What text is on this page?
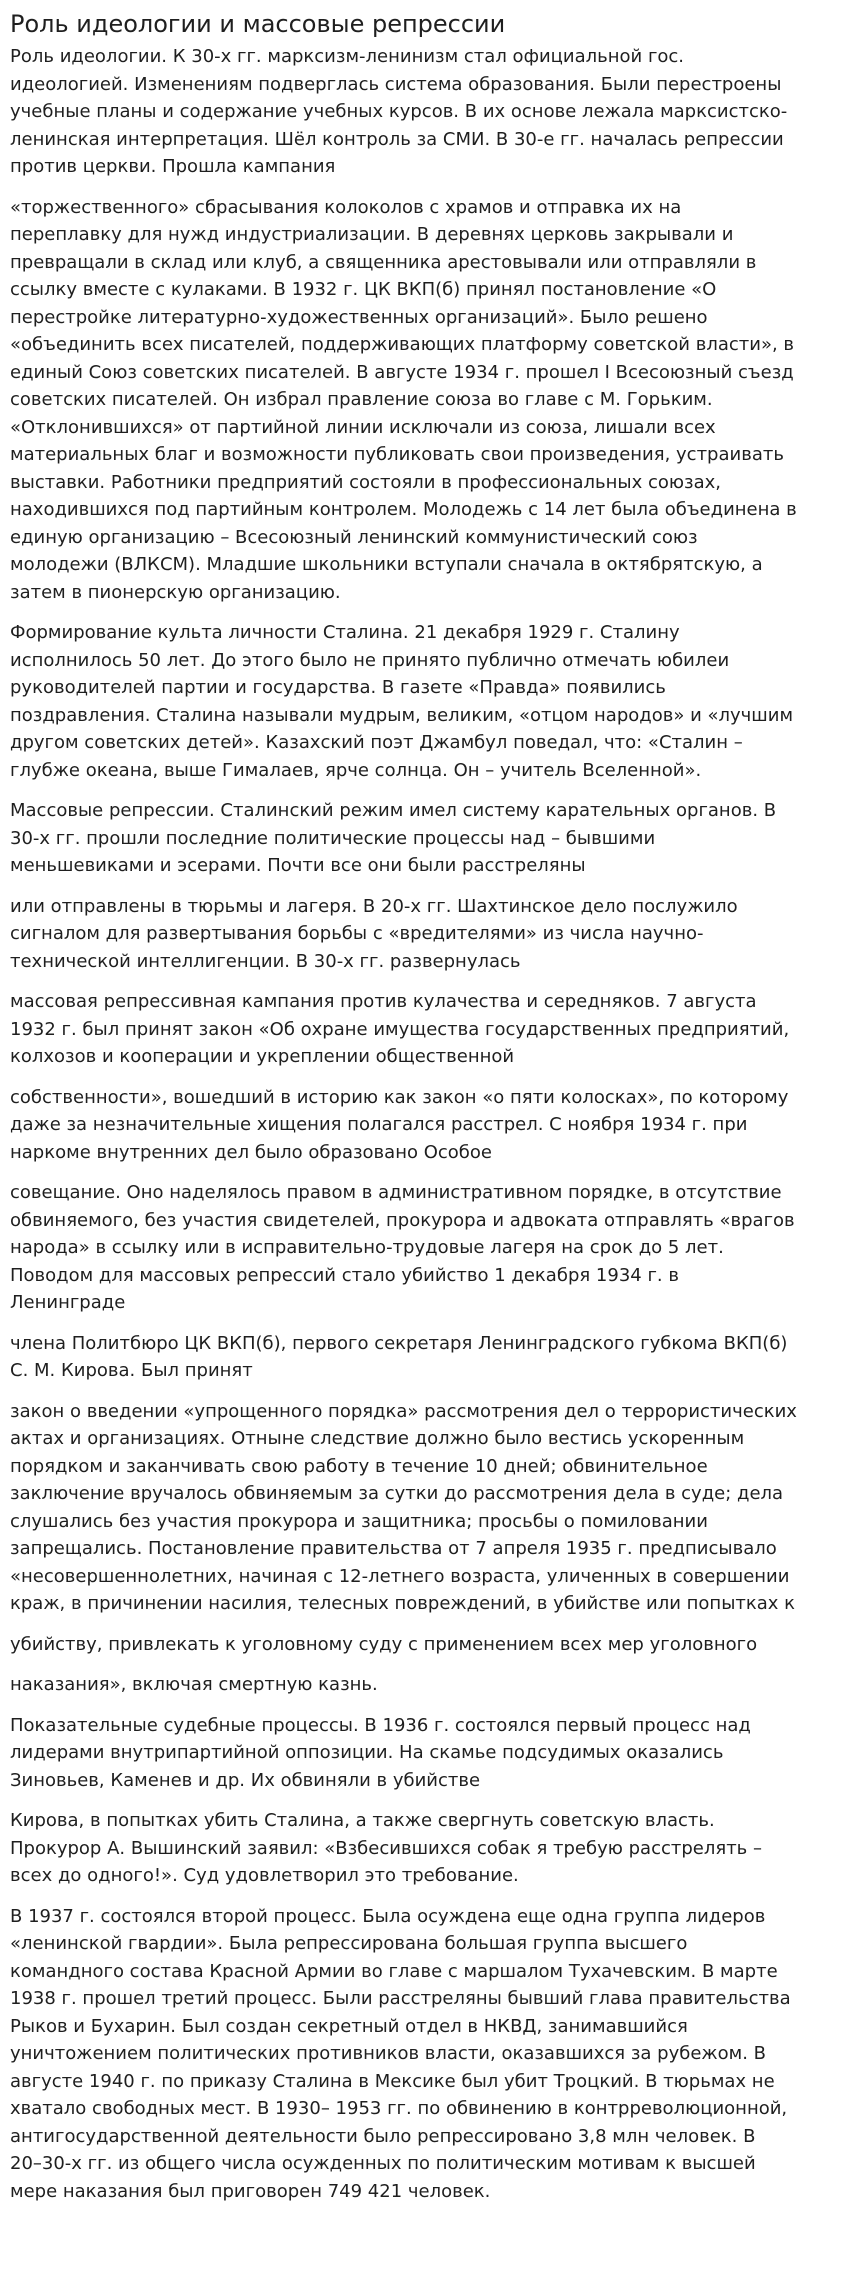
Роль идеологии и массовые репрессии

Роль идеологии. К 30-х гг. марксизм-ленинизм стал официальной гос.
идеологией. Изменениям подверглась система образования. Были перестроены
учебные планы и содержание учебных курсов. В их основе лежала марксистско-
ленинская интерпретация. Шёл контроль за СМИ. В 30-е гг. началась репрессии
против церкви. Прошла кампания

«торжественного» сбрасывания колоколов с храмов и отправка их на
переплавку для нужд индустриализации. В деревнях церковь закрывали и
превращали в склад или клуб, а священника арестовывали или отправляли в
ссылку вместе с кулаками. В 1932 г. ЦК ВКП(б) принял постановление «О
перестройке литературно-художественных организаций». Было решено
«объединить всех писателей, поддерживающих платформу советской власти», в
единый Союз советских писателей. В августе 1934 г. прошел I Всесоюзный съезд
советских писателей. Он избрал правление союза во главе с М. Горьким.
«Отклонившихся» от партийной линии исключали из союза, лишали всех
материальных благ и возможности публиковать свои произведения, устраивать
выставки. Работники предприятий состояли в профессиональных союзах,
находившихся под партийным контролем. Молодежь с 14 лет была объединена в
единую организацию – Всесоюзный ленинский коммунистический союз
молодежи (ВЛКСМ). Младшие школьники вступали сначала в октябрятскую, а
затем в пионерскую организацию.

Формирование культа личности Сталина. 21 декабря 1929 г. Сталину
исполнилось 50 лет. До этого было не принято публично отмечать юбилеи
руководителей партии и государства. В газете «Правда» появились
поздравления. Сталина называли мудрым, великим, «отцом народов» и «лучшим
другом советских детей». Казахский поэт Джамбул поведал, что: «Сталин –
глубже океана, выше Гималаев, ярче солнца. Он – учитель Вселенной».

Массовые репрессии. Сталинский режим имел систему карательных органов. В
30-х гг. прошли последние политические процессы над – бывшими
меньшевиками и эсерами. Почти все они были расстреляны

или отправлены в тюрьмы и лагеря. В 20-х гг. Шахтинское дело послужило
сигналом для развертывания борьбы с «вредителями» из числа научно-
технической интеллигенции. В 30-х гг. развернулась

массовая репрессивная кампания против кулачества и середняков. 7 августа
1932 г. был принят закон «Об охране имущества государственных предприятий,
колхозов и кооперации и укреплении общественной

собственности», вошедший в историю как закон «о пяти колосках», по которому
даже за незначительные хищения полагался расстрел. С ноября 1934 г. при
наркоме внутренних дел было образовано Особое

совещание. Оно наделялось правом в административном порядке, в отсутствие
обвиняемого, без участия свидетелей, прокурора и адвоката отправлять «врагов
народа» в ссылку или в исправительно-трудовые лагеря на срок до 5 лет.
Поводом для массовых репрессий стало убийство 1 декабря 1934 г. в
Ленинграде

члена Политбюро ЦК ВКП(б), первого секретаря Ленинградского губкома ВКП(б)
С. М. Кирова. Был принят

закон о введении «упрощенного порядка» рассмотрения дел о террористических
актах и организациях. Отныне следствие должно было вестись ускоренным
порядком и заканчивать свою работу в течение 10 дней; обвинительное
заключение вручалось обвиняемым за сутки до рассмотрения дела в суде; дела
слушались без участия прокурора и защитника; просьбы о помиловании
запрещались. Постановление правительства от 7 апреля 1935 г. предписывало
«несовершеннолетних, начиная с 12-летнего возраста, уличенных в совершении
краж, в причинении насилия, телесных повреждений, в убийстве или попытках к

убийству, привлекать к уголовному суду с применением всех мер уголовного

наказания», включая смертную казнь.

Показательные судебные процессы. В 1936 г. состоялся первый процесс над
лидерами внутрипартийной оппозиции. На скамье подсудимых оказались
Зиновьев, Каменев и др. Их обвиняли в убийстве

Кирова, в попытках убить Сталина, а также свергнуть советскую власть.
Прокурор А. Вышинский заявил: «Взбесившихся собак я требую расстрелять –
всех до одного!». Суд удовлетворил это требование.

В 1937 г. состоялся второй процесс. Была осуждена еще одна группа лидеров
«ленинской гвардии». Была репрессирована большая группа высшего
командного состава Красной Армии во главе с маршалом Тухачевским. В марте
1938 г. прошел третий процесс. Были расстреляны бывший глава правительства
Рыков и Бухарин. Был создан секретный отдел в НКВД, занимавшийся
уничтожением политических противников власти, оказавшихся за рубежом. В
августе 1940 г. по приказу Сталина в Мексике был убит Троцкий. В тюрьмах не
хватало свободных мест. В 1930– 1953 гг. по обвинению в контрреволюционной,
антигосударственной деятельности было репрессировано 3,8 млн человек. В
20–30-х гг. из общего числа осужденных по политическим мотивам к высшей
мере наказания был приговорен 749 421 человек.
